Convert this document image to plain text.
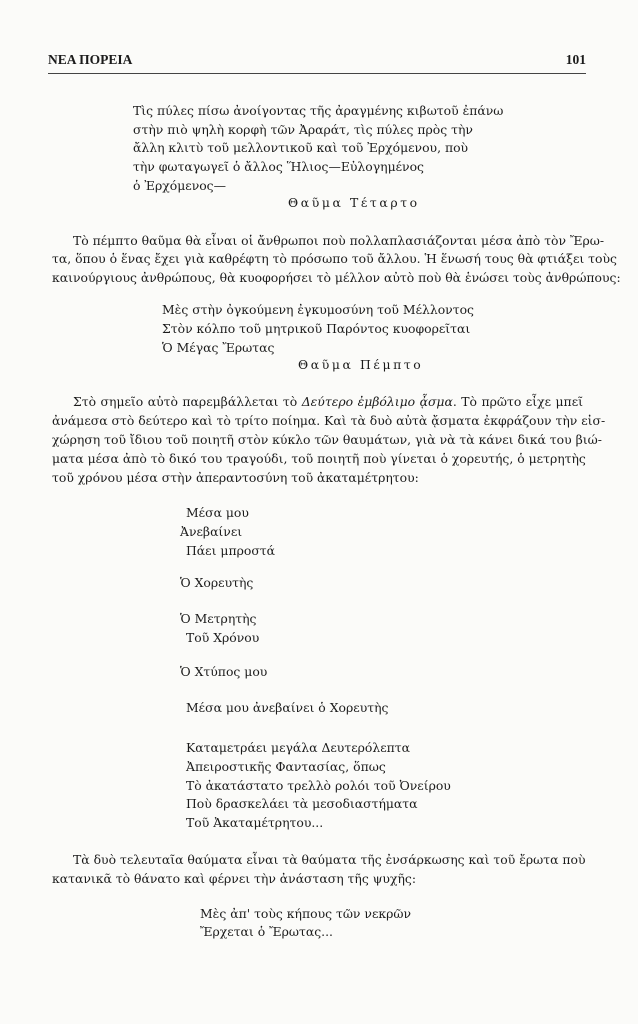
ΝΕΑ ΠΟΡΕΙΑ	101
Τὶς πύλες πίσω ἀνοίγοντας τῆς ἀραγμένης κιβωτοῦ ἐπάνω
στὴν πιὸ ψηλὴ κορφὴ τῶν Ἀραράτ, τὶς πύλες πρὸς τὴν
ἄλλη κλιτὺ τοῦ μελλοντικοῦ καὶ τοῦ Ἐρχόμενου, ποὺ
τὴν φωταγωγεῖ ὁ ἄλλος Ἥλιος—Εὐλογημένος
ὁ Ἐρχόμενος—
Θαῦμα Τέταρτο
Τὸ πέμπτο θαῦμα θὰ εἶναι οἱ ἄνθρωποι ποὺ πολλαπλασιάζονται μέσα ἀπὸ τὸν Ἔρω-
τα, ὅπου ὁ ἕνας ἔχει γιὰ καθρέφτη τὸ πρόσωπο τοῦ ἄλλου. Ἡ ἕνωσή τους θὰ φτιάξει τοὺς
καινούργιους ἀνθρώπους, θὰ κυοφορήσει τὸ μέλλον αὐτὸ ποὺ θὰ ἑνώσει τοὺς ἀνθρώπους:
Μὲς στὴν ὀγκούμενη ἐγκυμοσύνη τοῦ Μέλλοντος
Στὸν κόλπο τοῦ μητρικοῦ Παρόντος κυοφορεῖται
Ὁ Μέγας Ἔρωτας
Θαῦμα Πέμπτο
Στὸ σημεῖο αὐτὸ παρεμβάλλεται τὸ Δεύτερο ἐμβόλιμο ᾆσμα. Τὸ πρῶτο εἶχε μπεῖ
ἀνάμεσα στὸ δεύτερο καὶ τὸ τρίτο ποίημα. Καὶ τὰ δυὸ αὐτὰ ᾄσματα ἐκφράζουν τὴν εἰσ-
χώρηση τοῦ ἴδιου τοῦ ποιητῆ στὸν κύκλο τῶν θαυμάτων, γιὰ νὰ τὰ κάνει δικά του βιώ-
ματα μέσα ἀπὸ τὸ δικό του τραγούδι, τοῦ ποιητῆ ποὺ γίνεται ὁ χορευτής, ὁ μετρητὴς
τοῦ χρόνου μέσα στὴν ἀπεραντοσύνη τοῦ ἀκαταμέτρητου:
Μέσα μου
Ἀνεβαίνει
Πάει μπροστά
Ὁ Χορευτὴς
Ὁ Μετρητὴς
Τοῦ Χρόνου
Ὁ Χτύπος μου
Μέσα μου ἀνεβαίνει ὁ Χορευτὴς
Καταμετράει μεγάλα Δευτερόλεπτα
Ἀπειροστικῆς Φαντασίας, ὅπως
Τὸ ἀκατάστατο τρελλὸ ρολόι τοῦ Ὀνείρου
Ποὺ δρασκελάει τὰ μεσοδιαστήματα
Τοῦ Ἀκαταμέτρητου...
Τὰ δυὸ τελευταῖα θαύματα εἶναι τὰ θαύματα τῆς ἐνσάρκωσης καὶ τοῦ ἔρωτα ποὺ
κατανικᾶ τὸ θάνατο καὶ φέρνει τὴν ἀνάσταση τῆς ψυχῆς:
Μὲς ἀπ' τοὺς κήπους τῶν νεκρῶν
Ἔρχεται ὁ Ἔρωτας...
